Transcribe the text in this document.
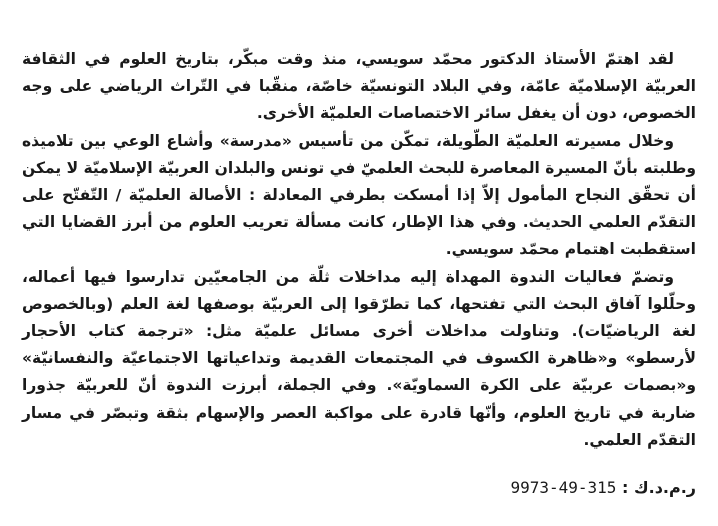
لقد اهتمّ الأستاذ الدكتور محمّد سويسي، منذ وقت مبكّر، بتاريخ العلوم في الثقافة العربيّة الإسلاميّة عامّة، وفي البلاد التونسيّة خاصّة، منقّبا في التّراث الرياضي على وجه الخصوص، دون أن يغفل سائر الاختصاصات العلميّة الأخرى.

وخلال مسيرته العلميّة الطّويلة، تمكّن من تأسيس «مدرسة» وأشاع الوعي بين تلاميذه وطلبته بأنّ المسيرة المعاصرة للبحث العلميّ في تونس والبلدان العربيّة الإسلاميّة لا يمكن أن تحقّق النجاح المأمول إلاّ إذا أمسكت بطرفي المعادلة : الأصالة العلميّة / التّفتّح على التقدّم العلمي الحديث. وفي هذا الإطار، كانت مسألة تعريب العلوم من أبرز القضايا التي استقطبت اهتمام محمّد سويسي.

وتضمّ فعاليات الندوة المهداة إليه مداخلات ثلّة من الجامعيّين تدارسوا فيها أعماله، وحلّلوا آفاق البحث التي تفتحها، كما تطرّقوا إلى العربيّة بوصفها لغة العلم (وبالخصوص لغة الرياضيّات). وتناولت مداخلات أخرى مسائل علميّة مثل: «ترجمة كتاب الأحجار لأرسطو» و«ظاهرة الكسوف في المجتمعات القديمة وتداعياتها الاجتماعيّة والنفسانيّة» و«بصمات عربيّة على الكرة السماويّة». وفي الجملة، أبرزت الندوة أنّ للعربيّة جذورا ضاربة في تاريخ العلوم، وأنّها قادرة على مواكبة العصر والإسهام بثقة وتبصّر في مسار التقدّم العلمي.

ر.م.د.ك : 9973-49-315
